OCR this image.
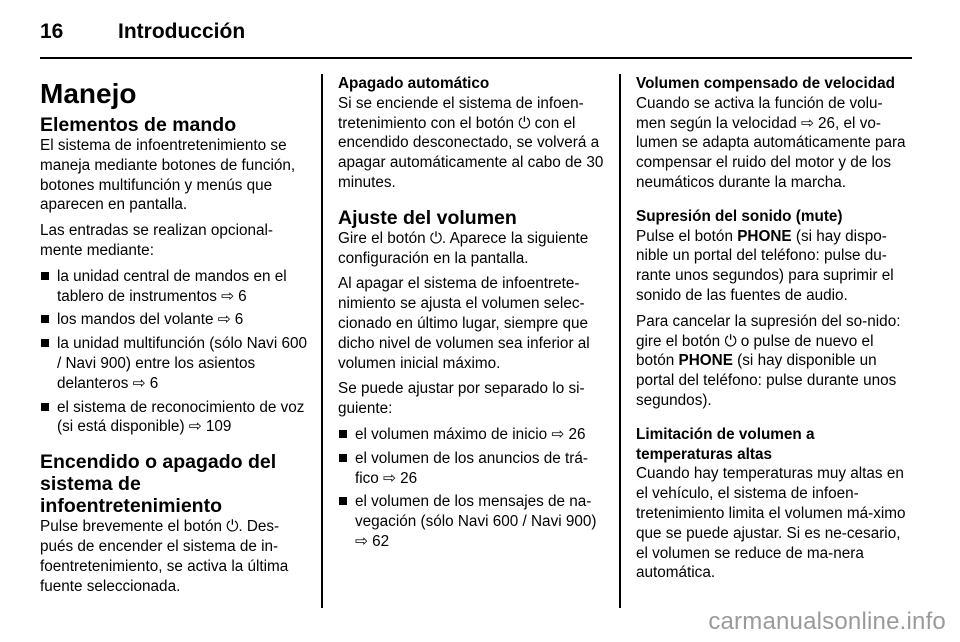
16	Introducción
Manejo
Elementos de mando

El sistema de infoentretenimiento se maneja mediante botones de función, botones multifunción y menús que aparecen en pantalla.

Las entradas se realizan opcional-mente mediante:

la unidad central de mandos en el tablero de instrumentos ⇨ 6
los mandos del volante ⇨ 6
la unidad multifunción (sólo Navi 600 / Navi 900) entre los asientos delanteros ⇨ 6
el sistema de reconocimiento de voz (si está disponible) ⇨ 109
Encendido o apagado del sistema de infoentretenimiento

Pulse brevemente el botón ⏻. Des-pués de encender el sistema de in-foentretenimiento, se activa la última fuente seleccionada.

Apagado automático

Si se enciende el sistema de infoen-tretenimiento con el botón ⏻ con el encendido desconectado, se volverá a apagar automáticamente al cabo de 30 minutes.

Ajuste del volumen

Gire el botón ⏻. Aparece la siguiente configuración en la pantalla.

Al apagar el sistema de infoentrete-nimiento se ajusta el volumen selec-cionado en último lugar, siempre que dicho nivel de volumen sea inferior al volumen inicial máximo.

Se puede ajustar por separado lo si-guiente:

el volumen máximo de inicio ⇨ 26
el volumen de los anuncios de trá-fico ⇨ 26
el volumen de los mensajes de na-vegación (sólo Navi 600 / Navi 900) ⇨ 62
Volumen compensado de velocidad

Cuando se activa la función de volu-men según la velocidad ⇨ 26, el vo-lumen se adapta automáticamente para compensar el ruido del motor y de los neumáticos durante la marcha.

Supresión del sonido (mute)

Pulse el botón PHONE (si hay dispo-nible un portal del teléfono: pulse du-rante unos segundos) para suprimir el sonido de las fuentes de audio.

Para cancelar la supresión del so-nido: gire el botón ⏻ o pulse de nuevo el botón PHONE (si hay disponible un portal del teléfono: pulse durante unos segundos).

Limitación de volumen a temperaturas altas

Cuando hay temperaturas muy altas en el vehículo, el sistema de infoen-tretenimiento limita el volumen má-ximo que se puede ajustar. Si es ne-cesario, el volumen se reduce de ma-nera automática.

carmanualsonline.info
